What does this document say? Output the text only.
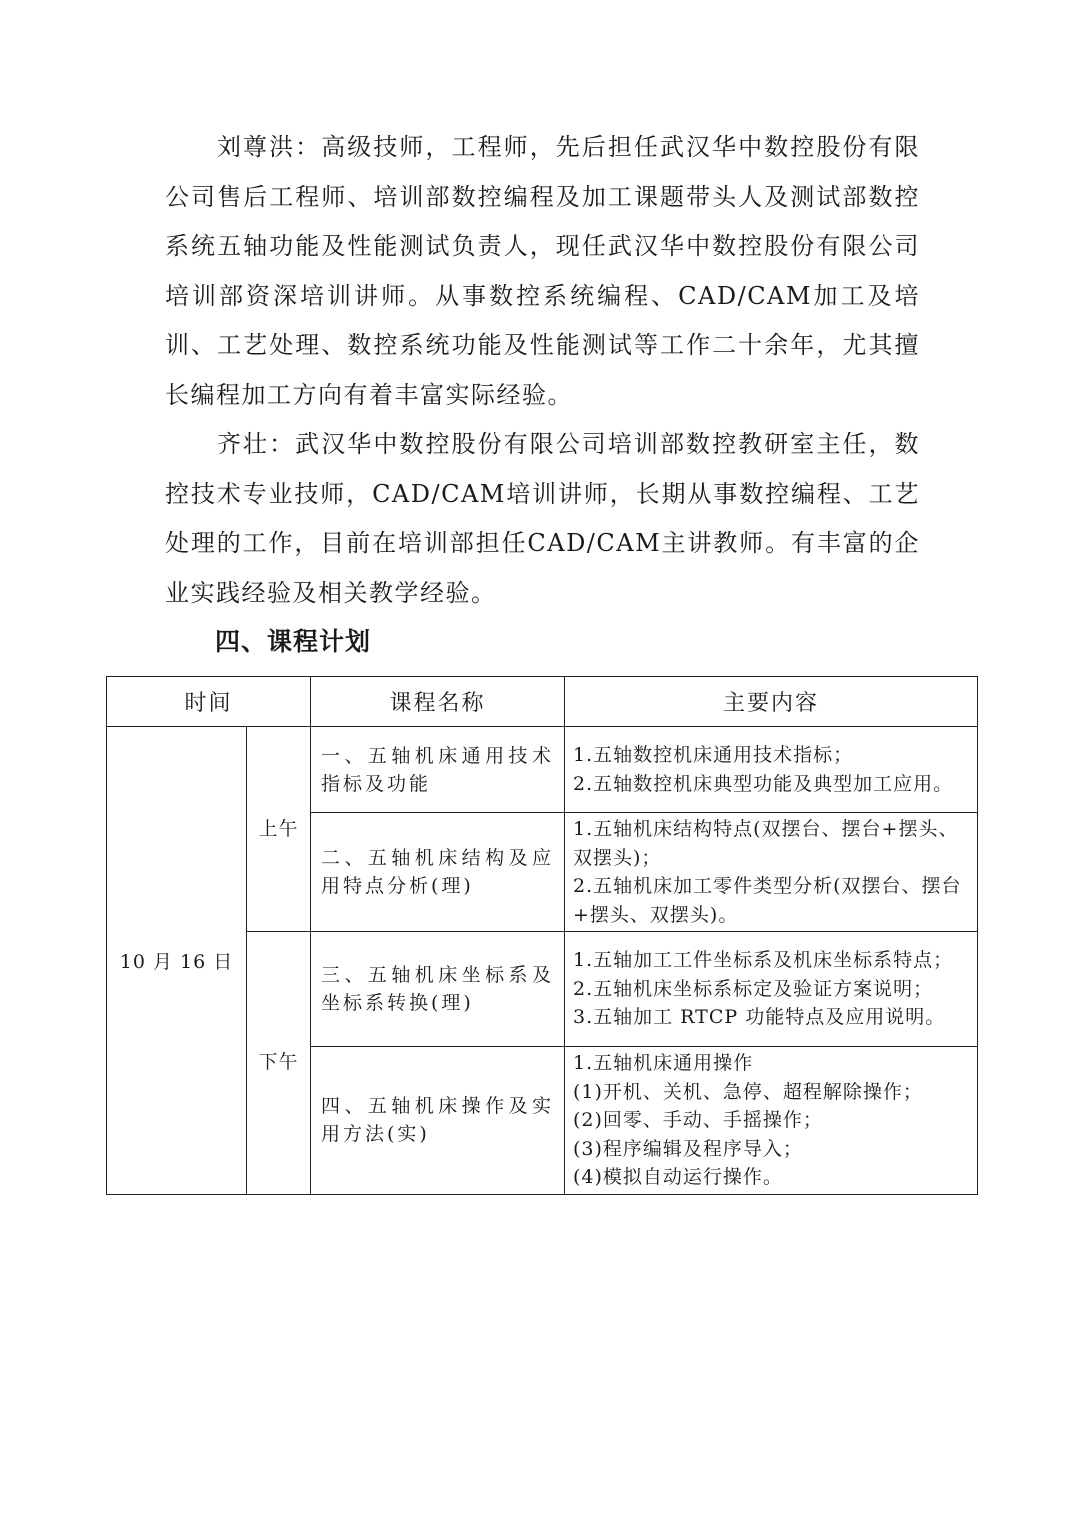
刘尊洪：高级技师，工程师，先后担任武汉华中数控股份有限公司售后工程师、培训部数控编程及加工课题带头人及测试部数控系统五轴功能及性能测试负责人，现任武汉华中数控股份有限公司培训部资深培训讲师。从事数控系统编程、CAD/CAM加工及培训、工艺处理、数控系统功能及性能测试等工作二十余年，尤其擅长编程加工方向有着丰富实际经验。

齐壮：武汉华中数控股份有限公司培训部数控教研室主任，数控技术专业技师，CAD/CAM培训讲师，长期从事数控编程、工艺处理的工作，目前在培训部担任CAD/CAM主讲教师。有丰富的企业实践经验及相关教学经验。

四、课程计划
时间		课程名称	主要内容
10 月 16 日	上午	一、五轴机床通用技术指标及功能	1.五轴数控机床通用技术指标；
2.五轴数控机床典型功能及典型加工应用。

		二、五轴机床结构及应用特点分析(理)	1.五轴机床结构特点(双摆台、摆台+摆头、双摆头)；
2.五轴机床加工零件类型分析(双摆台、摆台+摆头、双摆头)。

	下午	三、五轴机床坐标系及坐标系转换(理)	1.五轴加工工件坐标系及机床坐标系特点；
2.五轴机床坐标系标定及验证方案说明；
3.五轴加工 RTCP 功能特点及应用说明。

		四、五轴机床操作及实用方法(实)	1.五轴机床通用操作
(1)开机、关机、急停、超程解除操作；
(2)回零、手动、手摇操作；
(3)程序编辑及程序导入；
(4)模拟自动运行操作。
